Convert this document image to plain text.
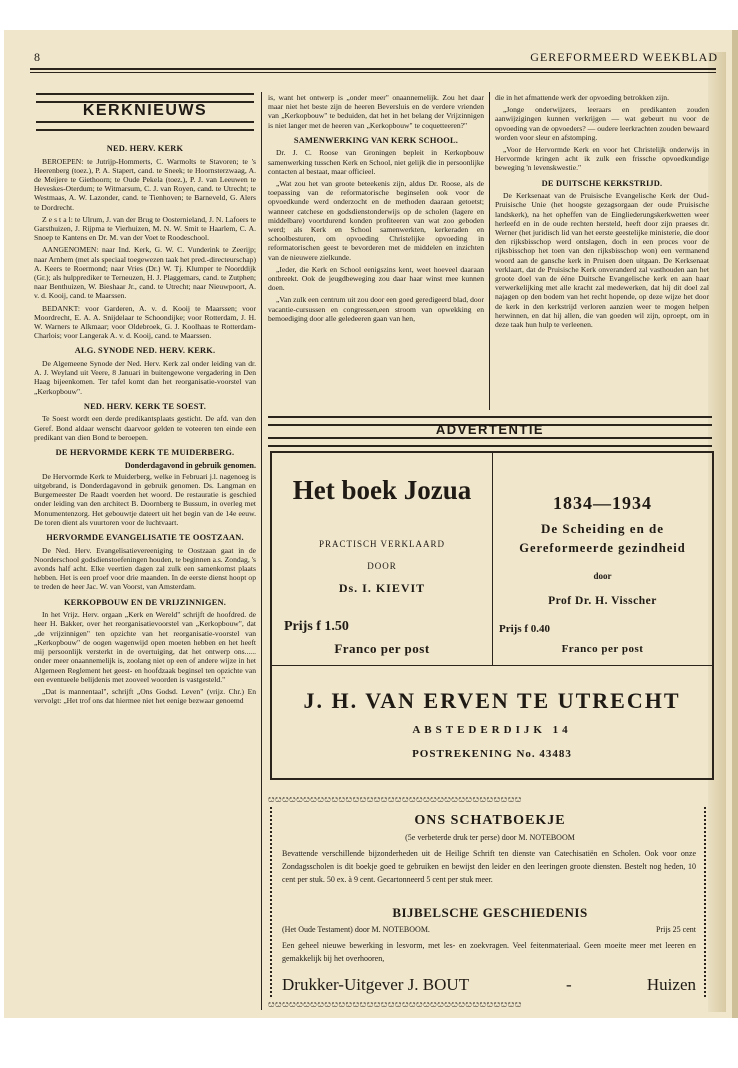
8	GEREFORMEERD WEEKBLAD
KERKNIEUWS
NED. HERV. KERK

BEROEPEN: te Jutrijp-Hommerts, C. Warmolts te Stavoren; te 's Heerenberg (toez.), P. A. Stapert, cand. te Sneek; te Hoornsterzwaag, A. de Meijere te Giethoorn; te Oude Pekela (toez.), P. J. van Leeuwen te Heveskes-Oterdum; te Witmarsum, C. J. van Royen, cand. te Utrecht; te Westmaas, A. W. Lazonder, cand. te Tienhoven; te Barneveld, G. Alers te Dordrecht.

Z e s t a l: te Ulrum, J. van der Brug te Oosternieland, J. N. Lafoers te Garsthuizen, J. Rijpma te Vierhuizen, M. N. W. Smit te Haarlem, C. A. Snoep te Kantens en Dr. M. van der Voet te Roodeschool.

AANGENOMEN: naar Ind. Kerk, G. W. C. Vunderink te Zeerijp; naar Arnhem (met als speciaal toegewezen taak het pred.-directeurschap) A. Keers te Roermond; naar Vries (Dr.) W. Tj. Klumper te Noorddijk (Gr.); als hulpprediker te Terneuzen, H. J. Plaggemars, cand. te Zutphen; naar Benthuizen, W. Bieshaar Jr., cand. te Utrecht; naar Nieuwpoort, A. v. d. Kooij, cand. te Maarssen.

BEDANKT: voor Garderen, A. v. d. Kooij te Maarssen; voor Moordrecht, E. A. A. Snijdelaar te Schoondijke; voor Rotterdam, J. H. W. Warners te Alkmaar; voor Oldebroek, G. J. Koolhaas te Rotterdam-Charlois; voor Langerak A. v. d. Kooij, cand. te Maarssen.

ALG. SYNODE NED. HERV. KERK.

De Algemeene Synode der Ned. Herv. Kerk zal onder leiding van dr. A. J. Weyland uit Veere, 8 Januari in buitengewone vergadering in Den Haag bijeenkomen. Ter tafel komt dan het reorganisatie-voorstel van „Kerkopbouw".

NED. HERV. KERK TE SOEST.

Te Soest wordt een derde predikantsplaats gesticht. De afd. van den Geref. Bond aldaar wenscht daarvoor gelden te voteeren ten einde een predikant van dien Bond te beroepen.

DE HERVORMDE KERK TE MUIDERBERG.
Donderdagavond in gebruik genomen.

De Hervormde Kerk te Muiderberg, welke in Februari j.l. nagenoeg is uitgebrand, is Donderdagavond in gebruik genomen. Ds. Langman en Burgemeester De Raadt voerden het woord. De restauratie is geschied onder leiding van den architect B. Doornberg te Bussum, in overleg met Monumentenzorg. Het gebouwtje dateert uit het begin van de 14e eeuw. De toren dient als vuurtoren voor de luchtvaart.

HERVORMDE EVANGELISATIE TE OOSTZAAN.

De Ned. Herv. Evangelisatievereeniging te Oostzaan gaat in de Noorderschool godsdienstoefeningen houden, te beginnen a.s. Zondag, 's avonds half acht. Elke veertien dagen zal zulk een samenkomst plaats hebben. Het is een proef voor drie maanden. In de eerste dienst hoopt op te treden de heer Jac. W. van Voorst, van Amsterdam.

KERKOPBOUW EN DE VRIJZINNIGEN.

In het Vrijz. Herv. orgaan „Kerk en Wereld" schrijft de hoofdred. de heer H. Bakker, over het reorganisatievoorstel van „Kerkopbouw", dat „de vrijzinnigen" ten opzichte van het reorganisatie-voorstel van „Kerkopbouw" de oogen wagenwijd open moeten hebben en het heeft mij persoonlijk versterkt in de overtuiging, dat het ontwerp ons...... onder meer onaannemelijk is, zoolang niet op een of andere wijze in het Algemeen Reglement het geest- en hoofdzaak beginsel ten opzichte van een eventueele belijdenis met zooveel woorden is vastgesteld."

„Dat is mannentaal", schrijft „Ons Godsd. Leven" (vrijz. Chr.) En vervolgt: „Het trof ons dat hiermee niet het eenige bezwaar genoemd

is, want het ontwerp is „onder meer" onaannemelijk. Zou het daar maar niet het beste zijn de heeren Beversluis en de verdere vrienden van „Kerkopbouw" te beduiden, dat het in het belang der Vrijzinnigen is niet langer met de heeren van „Kerkopbouw" te coquetteeren?"

SAMENWERKING VAN KERK SCHOOL.

Dr. J. C. Roose van Groningen bepleit in Kerkopbouw samenwerking tusschen Kerk en School, niet gelijk die in persoonlijke contacten al bestaat, maar officieel.

„Wat zou het van groote beteekenis zijn, aldus Dr. Roose, als de toepassing van de reformatorische beginselen ook voor de opvoedkunde werd onderzocht en de methoden daaraan getoetst; wanneer catchese en godsdienstonderwijs op de scholen (lagere en middelbare) voortdurend konden profiteeren van wat zoo geboden werd; als Kerk en School samenwerkten, kerkeraden en schoolbesturen, om opvoeding Christelijke opvoeding in reformatorischen geest te bevorderen met de middelen en inzichten van de nieuwere zielkunde.

„Ieder, die Kerk en School eenigszins kent, weet hoeveel daaraan ontbreekt. Ook de jeugdbeweging zou daar haar winst mee kunnen doen.

„Van zulk een centrum uit zou door een goed geredigeerd blad, door vacantie-cursussen en congressen,een stroom van opwekking en bemoediging door alle geledeeren gaan van hen,

die in het afmattende werk der opvoeding betrokken zijn.

„Jonge onderwijzers, leeraars en predikanten zouden aanwijzigingen kunnen verkrijgen — wat gebeurt nu voor de opvoeding van de opvoeders? — oudere leerkrachten zouden bewaard worden voor sleur en afstomping.

„Voor de Hervormde Kerk en voor het Christelijk onderwijs in Hervormde kringen acht ik zulk een frissche opvoedkundige beweging 'n levenskwestie."

DE DUITSCHE KERKSTRIJD.

De Kerksenaat van de Pruisische Evangelische Kerk der Oud-Pruisische Unie (het hoogste gezagsorgaan der oude Pruisische landskerk), na het opheffen van de Eingliederungskerkwetten weer herleefd en in de oude rechten hersteld, heeft door zijn praeses dr. Werner (het juridisch lid van het eerste geestelijke ministerie, die door den rijksbisschop werd ontslagen, doch in een proces voor de rijksbisschop het toen van den rijksbisschop won) een vermanend woord aan de gansche kerk in Pruisen doen uitgaan. De Kerksenaat verklaart, dat de Pruisische Kerk onveranderd zal vasthouden aan het groote doel van de ééne Duitsche Evangelische kerk en aan haar verwerkelijking met alle kracht zal medewerken, dat hij dit doel zal najagen op den bodem van het recht hopende, op deze wijze het door de kerk in den kerkstrijd verloren aanzien weer te mogen helpen herwinnen, en dat hij allen, die van goeden wil zijn, oproept, om in deze taak hun hulp te verleenen.

ADVERTENTIE
Het boek Jozua
PRACTISCH VERKLAARD
DOOR
Ds. I. KIEVIT
Prijs f 1.50
Franco per post
1834—1934
De Scheiding en de
Gereformeerde gezindheid
door
Prof Dr. H. Visscher
Prijs f 0.40
Franco per post
J. H. VAN ERVEN TE UTRECHT
ABSTEDERDIJK 14
POSTREKENING No. 43483
ೞ ೞ ೞ ೞ ೞ ೞ ೞ ೞ ೞ ೞ ೞ ೞ ೞ ೞ ೞ ೞ ೞ ೞ ೞ ೞ ೞ ೞ ೞ ೞ ೞ ೞ ೞ ೞ ೞ ೞ ೞ ೞ ೞ ೞ ೞ ೞ
ONS SCHATBOEKJE
(5e verbeterde druk ter perse) door M. NOTEBOOM
Bevattende verschillende bijzonderheden uit de Heilige Schrift ten dienste van Catechisatiën en Scholen. Ook voor onze Zondagsscholen is dit boekje goed te gebruiken en bewijst den leider en den leeringen groote diensten. Bestelt nog heden, 10 cent per stuk. 50 ex. à 9 cent. Gecartonneerd 5 cent per stuk meer.
BIJBELSCHE GESCHIEDENIS
(Het Oude Testament) door M. NOTEBOOM.	Prijs 25 cent
Een geheel nieuwe bewerking in lesvorm, met les- en zoekvragen. Veel feitenmateriaal. Geen moeite meer met leeren en gemakkelijk bij het overhooren,
Drukker-Uitgever J. BOUT	-	Huizen
ೞ ೞ ೞ ೞ ೞ ೞ ೞ ೞ ೞ ೞ ೞ ೞ ೞ ೞ ೞ ೞ ೞ ೞ ೞ ೞ ೞ ೞ ೞ ೞ ೞ ೞ ೞ ೞ ೞ ೞ ೞ ೞ ೞ ೞ ೞ ೞ
